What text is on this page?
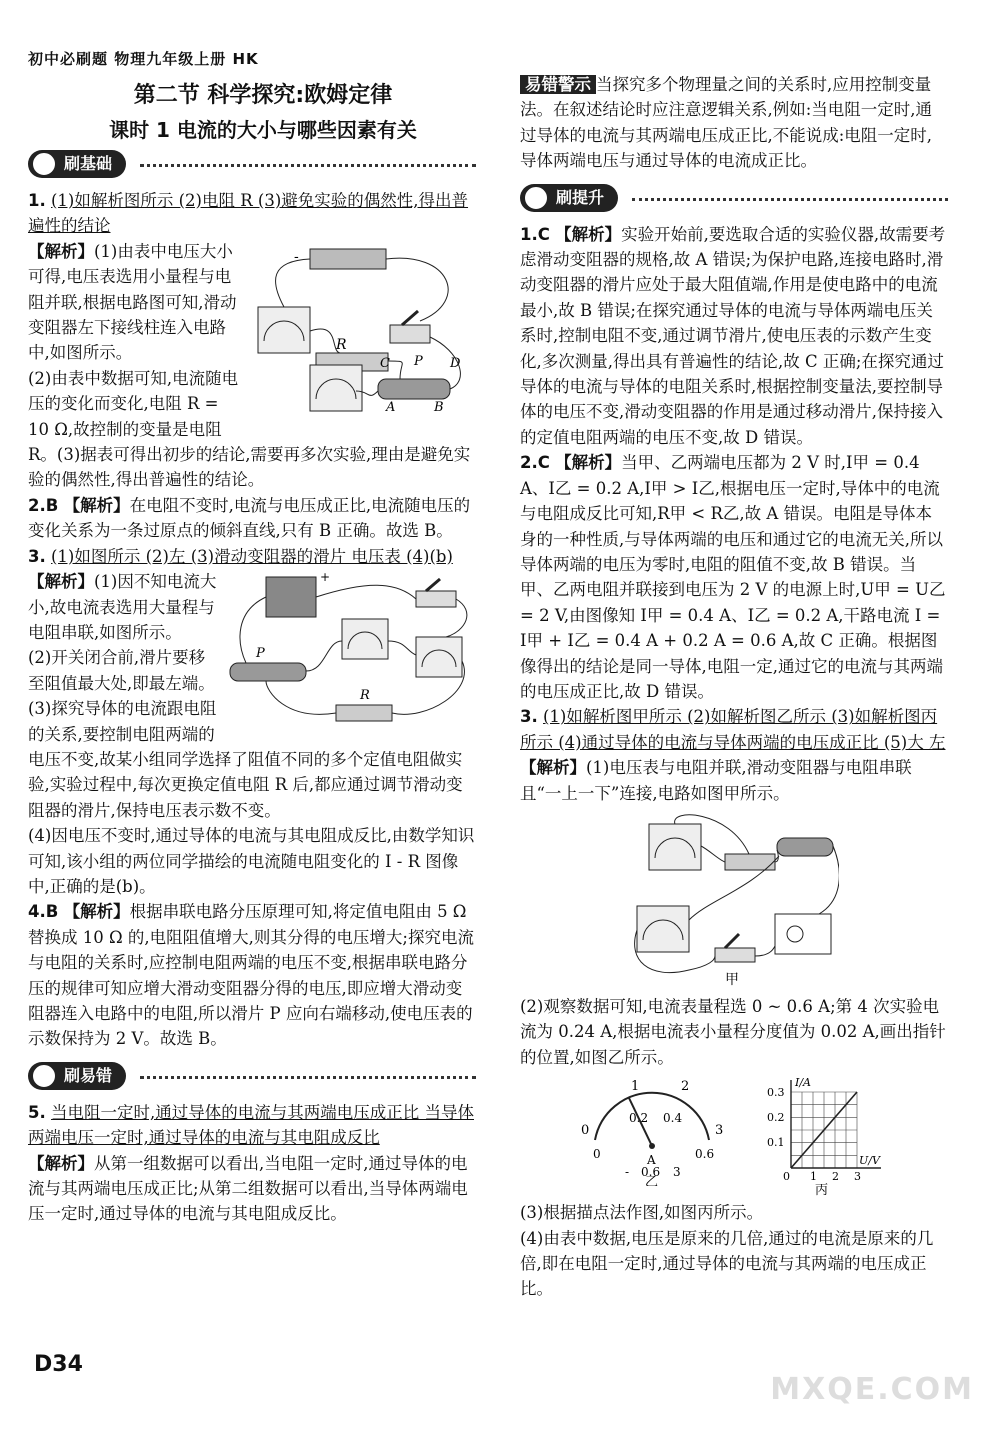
初中必刷题 物理九年级上册 HK
第二节 科学探究:欧姆定律
课时 1 电流的大小与哪些因素有关
刷基础
1. (1)如解析图所示 (2)电阻 R (3)避免实验的偶然性,得出普遍性的结论
-
R
C P D
A	B
【解析】(1)由表中电压大小可得,电压表选用小量程与电阻并联,根据电路图可知,滑动变阻器左下接线柱连入电路中,如图所示。
(2)由表中数据可知,电流随电压的变化而变化,电阻 R = 10 Ω,故控制的变量是电阻 R。(3)据表可得出初步的结论,需要再多次实验,理由是避免实验的偶然性,得出普遍性的结论。
2.B 【解析】在电阻不变时,电流与电压成正比,电流随电压的变化关系为一条过原点的倾斜直线,只有 B 正确。故选 B。
3. (1)如图所示 (2)左 (3)滑动变阻器的滑片 电压表 (4)(b)
+
P
R
【解析】(1)因不知电流大小,故电流表选用大量程与电阻串联,如图所示。
(2)开关闭合前,滑片要移至阻值最大处,即最左端。
(3)探究导体的电流跟电阻的关系,要控制电阻两端的电压不变,故某小组同学选择了阻值不同的多个定值电阻做实验,实验过程中,每次更换定值电阻 R 后,都应通过调节滑动变阻器的滑片,保持电压表示数不变。
(4)因电压不变时,通过导体的电流与其电阻成反比,由数学知识可知,该小组的两位同学描绘的电流随电阻变化的 I - R 图像中,正确的是(b)。
4.B 【解析】根据串联电路分压原理可知,将定值电阻由 5 Ω 替换成 10 Ω 的,电阻阻值增大,则其分得的电压增大;探究电流与电阻的关系时,应控制电阻两端的电压不变,根据串联电路分压的规律可知应增大滑动变阻器分得的电压,即应增大滑动变阻器连入电路中的电阻,所以滑片 P 应向右端移动,使电压表的示数保持为 2 V。故选 B。
刷易错
5. 当电阻一定时,通过导体的电流与其两端电压成正比 当导体两端电压一定时,通过导体的电流与其电阻成反比
【解析】从第一组数据可以看出,当电阻一定时,通过导体的电流与其两端电压成正比;从第二组数据可以看出,当导体两端电压一定时,通过导体的电流与其电阻成反比。
易错警示 当探究多个物理量之间的关系时,应用控制变量法。在叙述结论时应注意逻辑关系,例如:当电阻一定时,通过导体的电流与其两端电压成正比,不能说成:电阻一定时,导体两端电压与通过导体的电流成正比。
刷提升
1.C 【解析】实验开始前,要选取合适的实验仪器,故需要考虑滑动变阻器的规格,故 A 错误;为保护电路,连接电路时,滑动变阻器的滑片应处于最大阻值端,作用是使电路中的电流最小,故 B 错误;在探究通过导体的电流与导体两端电压关系时,控制电阻不变,通过调节滑片,使电压表的示数产生变化,多次测量,得出具有普遍性的结论,故 C 正确;在探究通过导体的电流与导体的电阻关系时,根据控制变量法,要控制导体的电压不变,滑动变阻器的作用是通过移动滑片,保持接入的定值电阻两端的电压不变,故 D 错误。
2.C 【解析】当甲、乙两端电压都为 2 V 时,I甲 = 0.4 A、I乙 = 0.2 A,I甲 > I乙,根据电压一定时,导体中的电流与电阻成反比可知,R甲 < R乙,故 A 错误。电阻是导体本身的一种性质,与导体两端的电压和通过它的电流无关,所以导体两端的电压为零时,电阻的阻值不变,故 B 错误。当甲、乙两电阻并联接到电压为 2 V 的电源上时,U甲 = U乙 = 2 V,由图像知 I甲 = 0.4 A、I乙 = 0.2 A,干路电流 I = I甲 + I乙 = 0.4 A + 0.2 A = 0.6 A,故 C 正确。根据图像得出的结论是同一导体,电阻一定,通过它的电流与其两端的电压成正比,故 D 错误。
3. (1)如解析图甲所示 (2)如解析图乙所示 (3)如解析图丙所示 (4)通过导体的电流与导体两端的电压成正比 (5)大 左
【解析】(1)电压表与电阻并联,滑动变阻器与电阻串联且“一上一下”连接,电路如图甲所示。
甲
(2)观察数据可知,电流表量程选 0 ~ 0.6 A;第 4 次实验电流为 0.24 A,根据电流表小量程分度值为 0.02 A,画出指针的位置,如图乙所示。
1	2
0	3
0.2 0.4
0	0.6
A
- 0.6 3
乙
I/A
U/V
0.3
0.2
0.1
0 1 2 3
丙
(3)根据描点法作图,如图丙所示。
(4)由表中数据,电压是原来的几倍,通过的电流是原来的几倍,即在电阻一定时,通过导体的电流与其两端的电压成正比。
D34
MXQE.COM
